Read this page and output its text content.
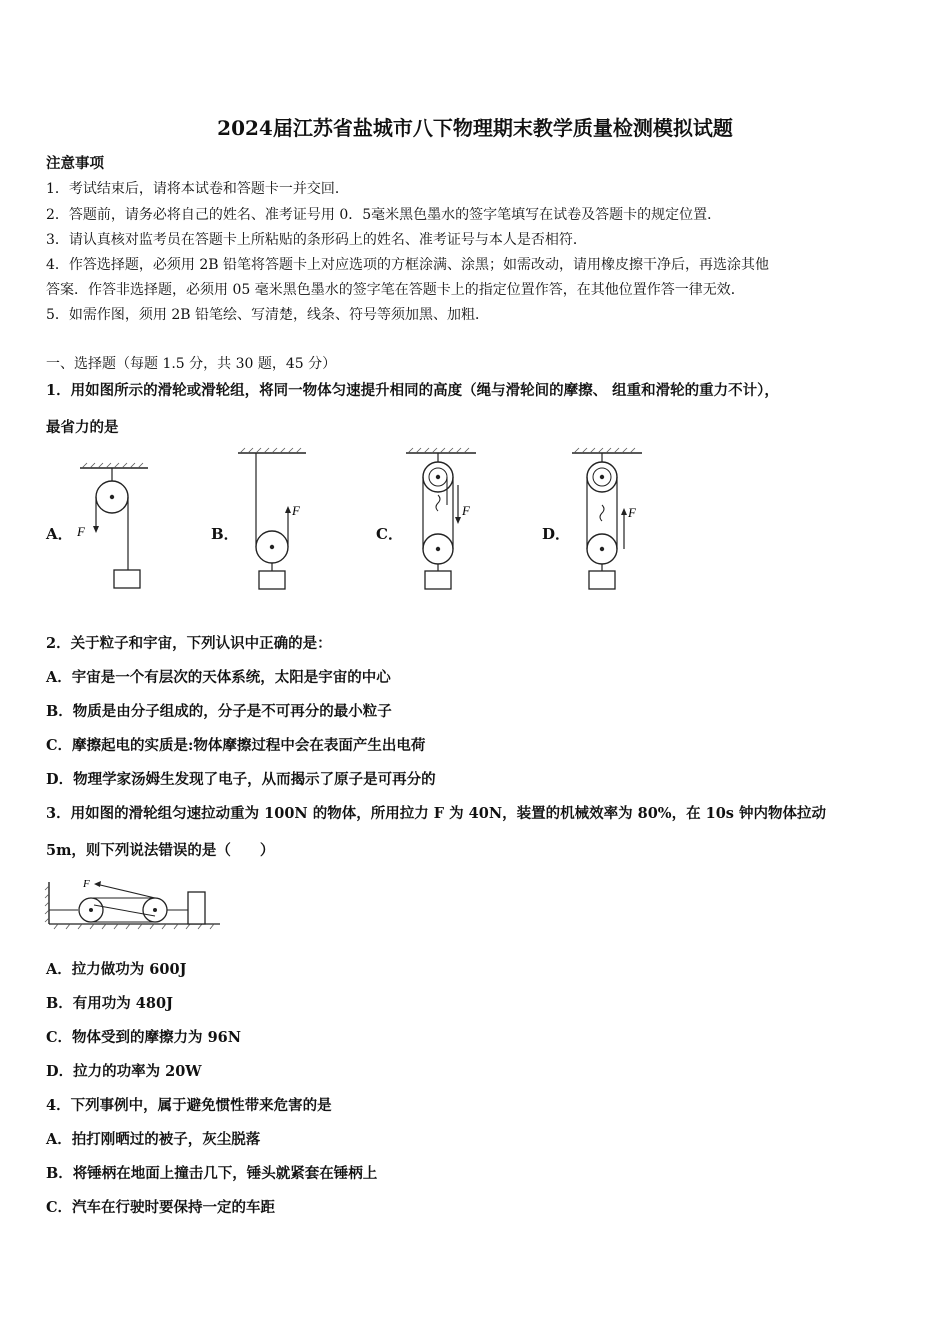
2024届江苏省盐城市八下物理期末教学质量检测模拟试题
注意事项
1．考试结束后，请将本试卷和答题卡一并交回．
2．答题前，请务必将自己的姓名、准考证号用 0．5毫米黑色墨水的签字笔填写在试卷及答题卡的规定位置．
3．请认真核对监考员在答题卡上所粘贴的条形码上的姓名、准考证号与本人是否相符．
4．作答选择题，必须用 2B 铅笔将答题卡上对应选项的方框涂满、涂黑；如需改动，请用橡皮擦干净后，再选涂其他
答案．作答非选择题，必须用 05 毫米黑色墨水的签字笔在答题卡上的指定位置作答，在其他位置作答一律无效．
5．如需作图，须用 2B 铅笔绘、写清楚，线条、符号等须加黑、加粗．
一、选择题（每题 1.5 分，共 30 题，45 分）
1．用如图所示的滑轮或滑轮组，将同一物体匀速提升相同的高度（绳与滑轮间的摩擦、 组重和滑轮的重力不计），
最省力的是
A．	B．	C．	D．
F
F	F	F
2．关于粒子和宇宙，下列认识中正确的是：
A．宇宙是一个有层次的天体系统，太阳是宇宙的中心
B．物质是由分子组成的，分子是不可再分的最小粒子
C．摩擦起电的实质是:物体摩擦过程中会在表面产生出电荷
D．物理学家汤姆生发现了电子，从而揭示了原子是可再分的
3．用如图的滑轮组匀速拉动重为 100N 的物体，所用拉力 F 为 40N，装置的机械效率为 80%，在 10s 钟内物体拉动
5m，则下列说法错误的是（　　）
F
A．拉力做功为 600J
B．有用功为 480J
C．物体受到的摩擦力为 96N
D．拉力的功率为 20W
4．下列事例中，属于避免惯性带来危害的是
A．拍打刚晒过的被子，灰尘脱落
B．将锤柄在地面上撞击几下，锤头就紧套在锤柄上
C．汽车在行驶时要保持一定的车距
